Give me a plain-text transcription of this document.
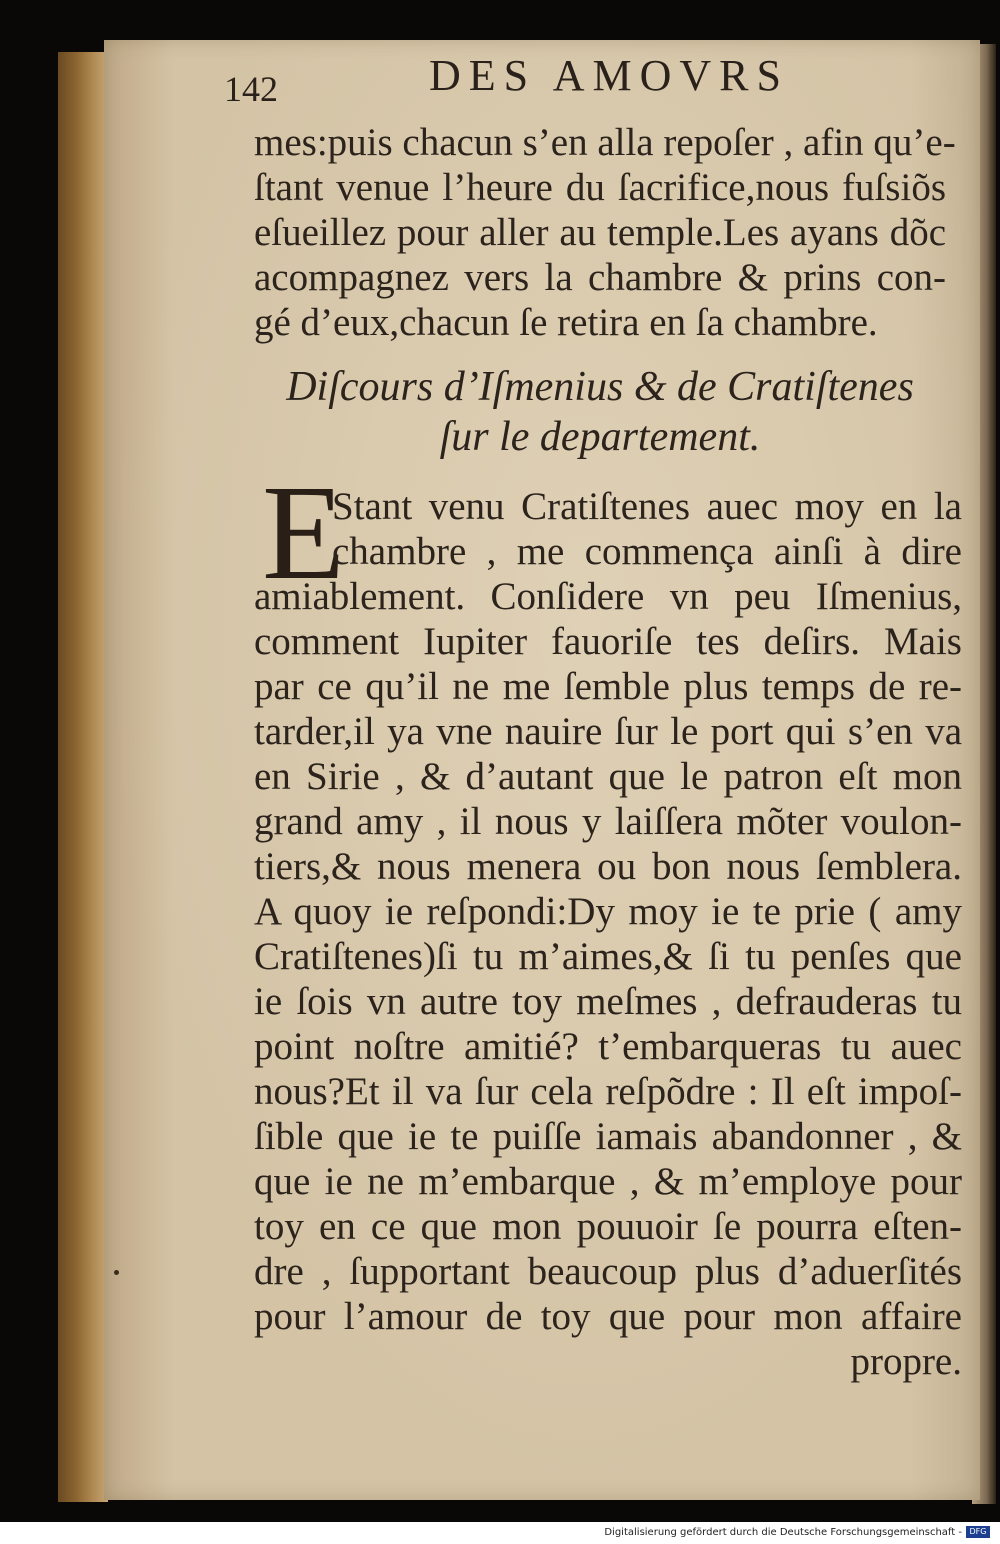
142	DES AMOVRS
mes:puis chacun s’en alla repoſer , afin qu’e-
ſtant venue l’heure du ſacrifice,nous fuſsiõs
eſueillez pour aller au temple.Les ayans dõc
acompagnez vers la chambre & prins con-
gé d’eux,chacun ſe retira en ſa chambre.
Diſcours d’Iſmenius & de Cratiſtenes
ſur le departement.
E
Stant venu Cratiſtenes auec moy en la
chambre , me commença ainſi à dire
amiablement. Conſidere vn peu Iſmenius,
comment Iupiter fauoriſe tes deſirs. Mais
par ce qu’il ne me ſemble plus temps de re-
tarder,il ya vne nauire ſur le port qui s’en va
en Sirie , & d’autant que le patron eſt mon
grand amy , il nous y laiſſera mõter voulon-
tiers,& nous menera ou bon nous ſemblera.
A quoy ie reſpondi:Dy moy ie te prie ( amy
Cratiſtenes)ſi tu m’aimes,& ſi tu penſes que
ie ſois vn autre toy meſmes , defrauderas tu
point noſtre amitié? t’embarqueras tu auec
nous?Et il va ſur cela reſpõdre : Il eſt impoſ-
ſible que ie te puiſſe iamais abandonner , &
que ie ne m’embarque , & m’employe pour
toy en ce que mon pouuoir ſe pourra eſten-
dre , ſupportant beaucoup plus d’aduerſités
pour l’amour de toy que pour mon affaire
propre.
Digitalisierung gefördert durch die Deutsche Forschungsgemeinschaft - DFG
